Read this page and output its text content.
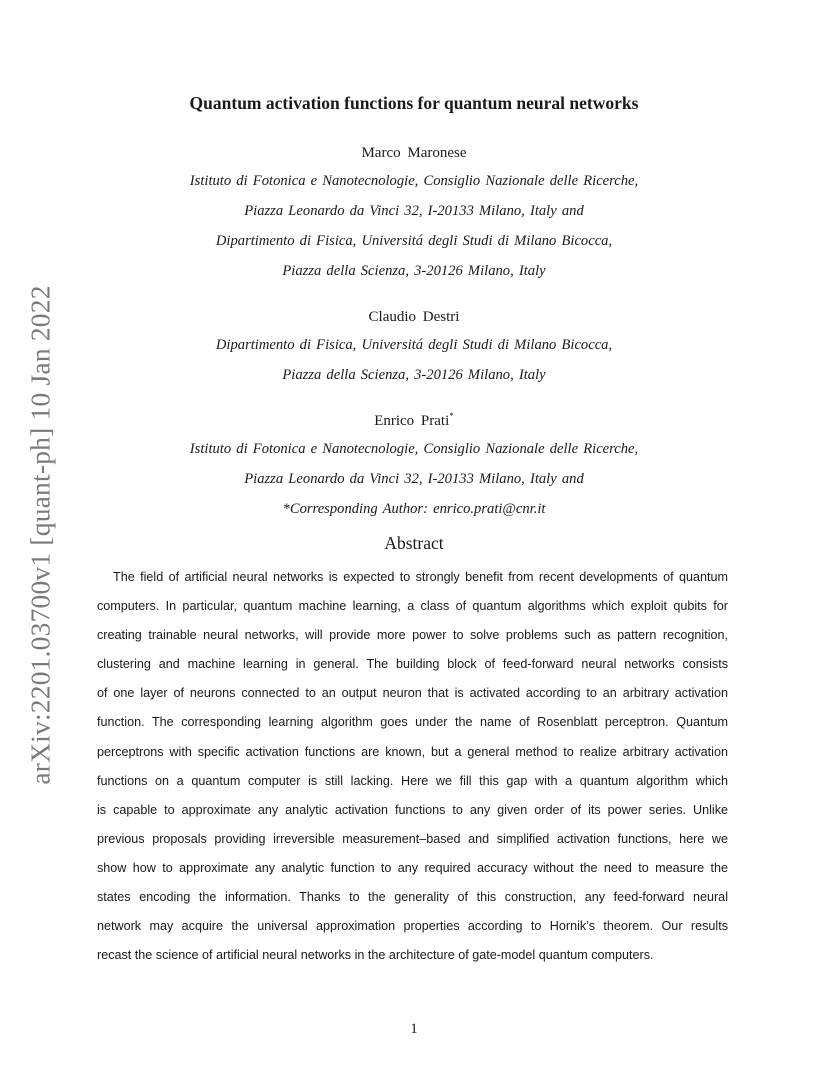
arXiv:2201.03700v1 [quant-ph] 10 Jan 2022
Quantum activation functions for quantum neural networks
Marco Maronese
Istituto di Fotonica e Nanotecnologie, Consiglio Nazionale delle Ricerche,
Piazza Leonardo da Vinci 32, I-20133 Milano, Italy and
Dipartimento di Fisica, Universitá degli Studi di Milano Bicocca,
Piazza della Scienza, 3-20126 Milano, Italy
Claudio Destri
Dipartimento di Fisica, Universitá degli Studi di Milano Bicocca,
Piazza della Scienza, 3-20126 Milano, Italy
Enrico Prati*
Istituto di Fotonica e Nanotecnologie, Consiglio Nazionale delle Ricerche,
Piazza Leonardo da Vinci 32, I-20133 Milano, Italy and
*Corresponding Author: enrico.prati@cnr.it
Abstract
The field of artificial neural networks is expected to strongly benefit from recent developments of quantum
computers. In particular, quantum machine learning, a class of quantum algorithms which exploit qubits for
creating trainable neural networks, will provide more power to solve problems such as pattern recognition,
clustering and machine learning in general. The building block of feed-forward neural networks consists
of one layer of neurons connected to an output neuron that is activated according to an arbitrary activation
function. The corresponding learning algorithm goes under the name of Rosenblatt perceptron. Quantum
perceptrons with specific activation functions are known, but a general method to realize arbitrary activation
functions on a quantum computer is still lacking. Here we fill this gap with a quantum algorithm which
is capable to approximate any analytic activation functions to any given order of its power series. Unlike
previous proposals providing irreversible measurement–based and simplified activation functions, here we
show how to approximate any analytic function to any required accuracy without the need to measure the
states encoding the information. Thanks to the generality of this construction, any feed-forward neural
network may acquire the universal approximation properties according to Hornik’s theorem. Our results
recast the science of artificial neural networks in the architecture of gate-model quantum computers.
1
